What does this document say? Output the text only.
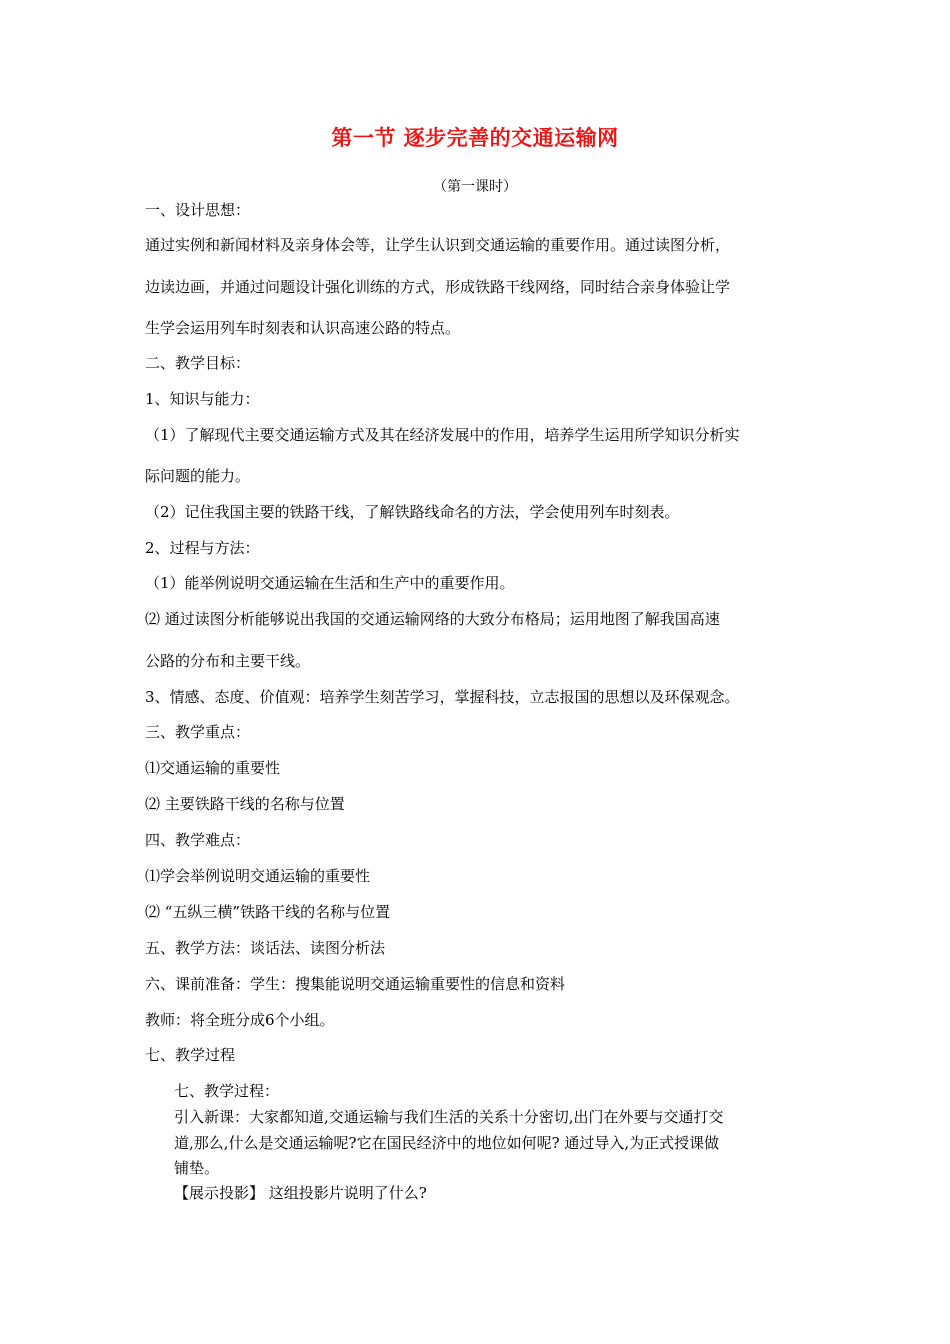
第一节 逐步完善的交通运输网
（第一课时）
一、设计思想：
通过实例和新闻材料及亲身体会等，让学生认识到交通运输的重要作用。通过读图分析，
边读边画，并通过问题设计强化训练的方式，形成铁路干线网络，同时结合亲身体验让学
生学会运用列车时刻表和认识高速公路的特点。
二、教学目标：
1、知识与能力：
（1）了解现代主要交通运输方式及其在经济发展中的作用，培养学生运用所学知识分析实
际问题的能力。
（2）记住我国主要的铁路干线，了解铁路线命名的方法，学会使用列车时刻表。
2、过程与方法：
（1）能举例说明交通运输在生活和生产中的重要作用。
⑵ 通过读图分析能够说出我国的交通运输网络的大致分布格局；运用地图了解我国高速
公路的分布和主要干线。
3、情感、态度、价值观：培养学生刻苦学习，掌握科技，立志报国的思想以及环保观念。
三、教学重点：
⑴交通运输的重要性
⑵ 主要铁路干线的名称与位置
四、教学难点：
⑴学会举例说明交通运输的重要性
⑵ “五纵三横”铁路干线的名称与位置
五、教学方法：谈话法、读图分析法
六、课前准备：学生：搜集能说明交通运输重要性的信息和资料
教师：将全班分成6个小组。
七、教学过程
七、教学过程：
引入新课：大家都知道,交通运输与我们生活的关系十分密切,出门在外要与交通打交
道,那么,什么是交通运输呢?它在国民经济中的地位如何呢? 通过导入,为正式授课做
铺垫。
【展示投影】 这组投影片说明了什么?
